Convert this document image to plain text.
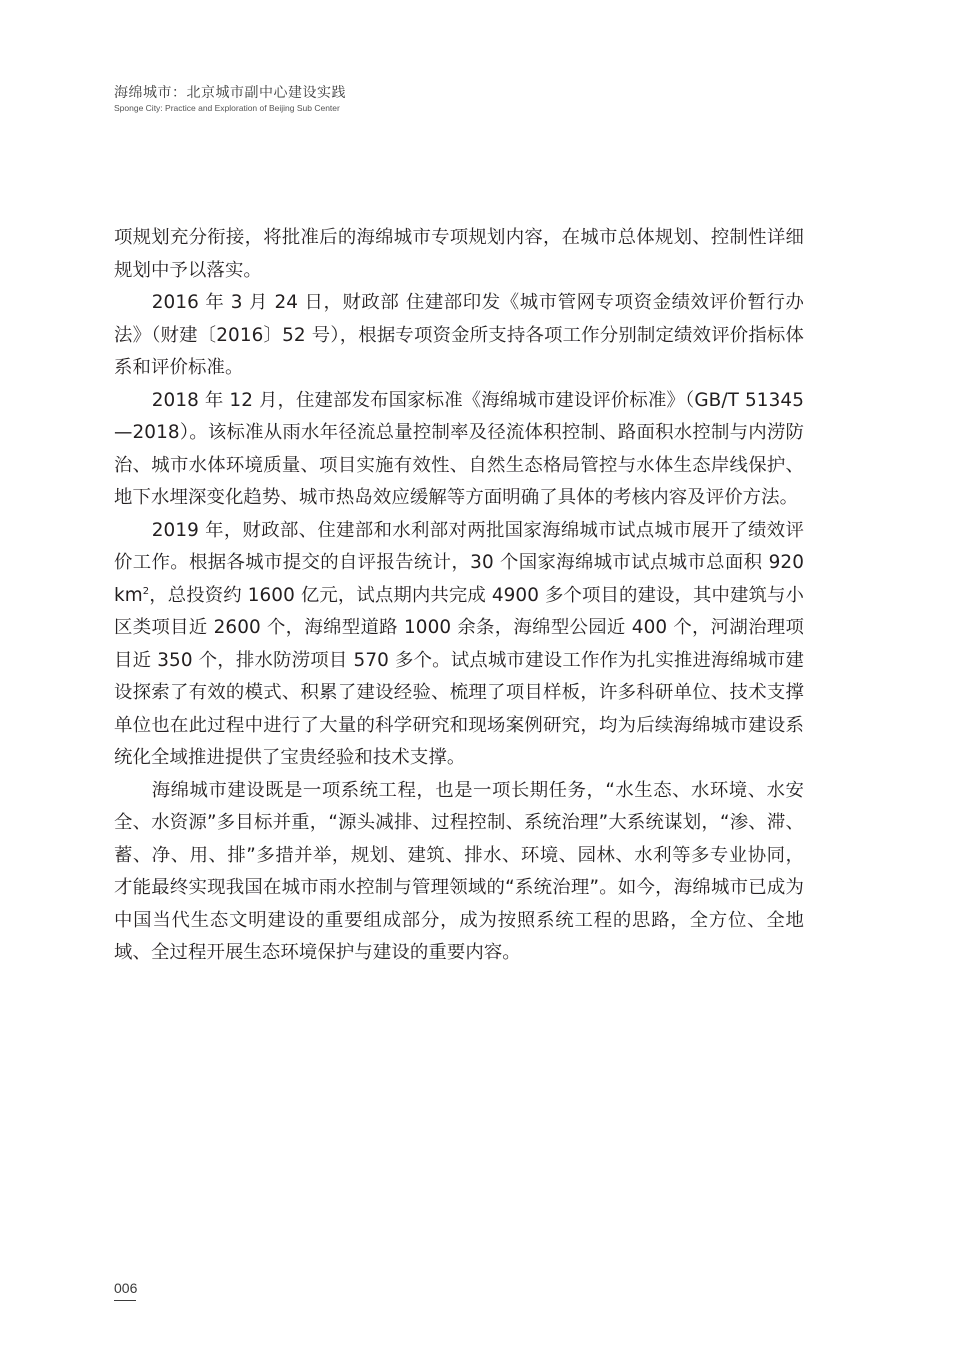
海绵城市：北京城市副中心建设实践
Sponge City: Practice and Exploration of Beijing Sub Center

项规划充分衔接，将批准后的海绵城市专项规划内容，在城市总体规划、控制性详细规划中予以落实。

2016 年 3 月 24 日，财政部 住建部印发《城市管网专项资金绩效评价暂行办法》（财建〔2016〕52 号），根据专项资金所支持各项工作分别制定绩效评价指标体系和评价标准。

2018 年 12 月，住建部发布国家标准《海绵城市建设评价标准》（GB/T 51345—2018）。该标准从雨水年径流总量控制率及径流体积控制、路面积水控制与内涝防治、城市水体环境质量、项目实施有效性、自然生态格局管控与水体生态岸线保护、地下水埋深变化趋势、城市热岛效应缓解等方面明确了具体的考核内容及评价方法。

2019 年，财政部、住建部和水利部对两批国家海绵城市试点城市展开了绩效评价工作。根据各城市提交的自评报告统计，30 个国家海绵城市试点城市总面积 920 $km^2$，总投资约 1600 亿元，试点期内共完成 4900 多个项目的建设，其中建筑与小区类项目近 2600 个，海绵型道路 1000 余条，海绵型公园近 400 个，河湖治理项目近 350 个，排水防涝项目 570 多个。试点城市建设工作作为扎实推进海绵城市建设探索了有效的模式、积累了建设经验、梳理了项目样板，许多科研单位、技术支撑单位也在此过程中进行了大量的科学研究和现场案例研究，均为后续海绵城市建设系统化全域推进提供了宝贵经验和技术支撑。

海绵城市建设既是一项系统工程，也是一项长期任务，“水生态、水环境、水安全、水资源”多目标并重，“源头减排、过程控制、系统治理”大系统谋划，“渗、滞、蓄、净、用、排”多措并举，规划、建筑、排水、环境、园林、水利等多专业协同，才能最终实现我国在城市雨水控制与管理领域的“系统治理”。如今，海绵城市已成为中国当代生态文明建设的重要组成部分，成为按照系统工程的思路，全方位、全地域、全过程开展生态环境保护与建设的重要内容。

006
